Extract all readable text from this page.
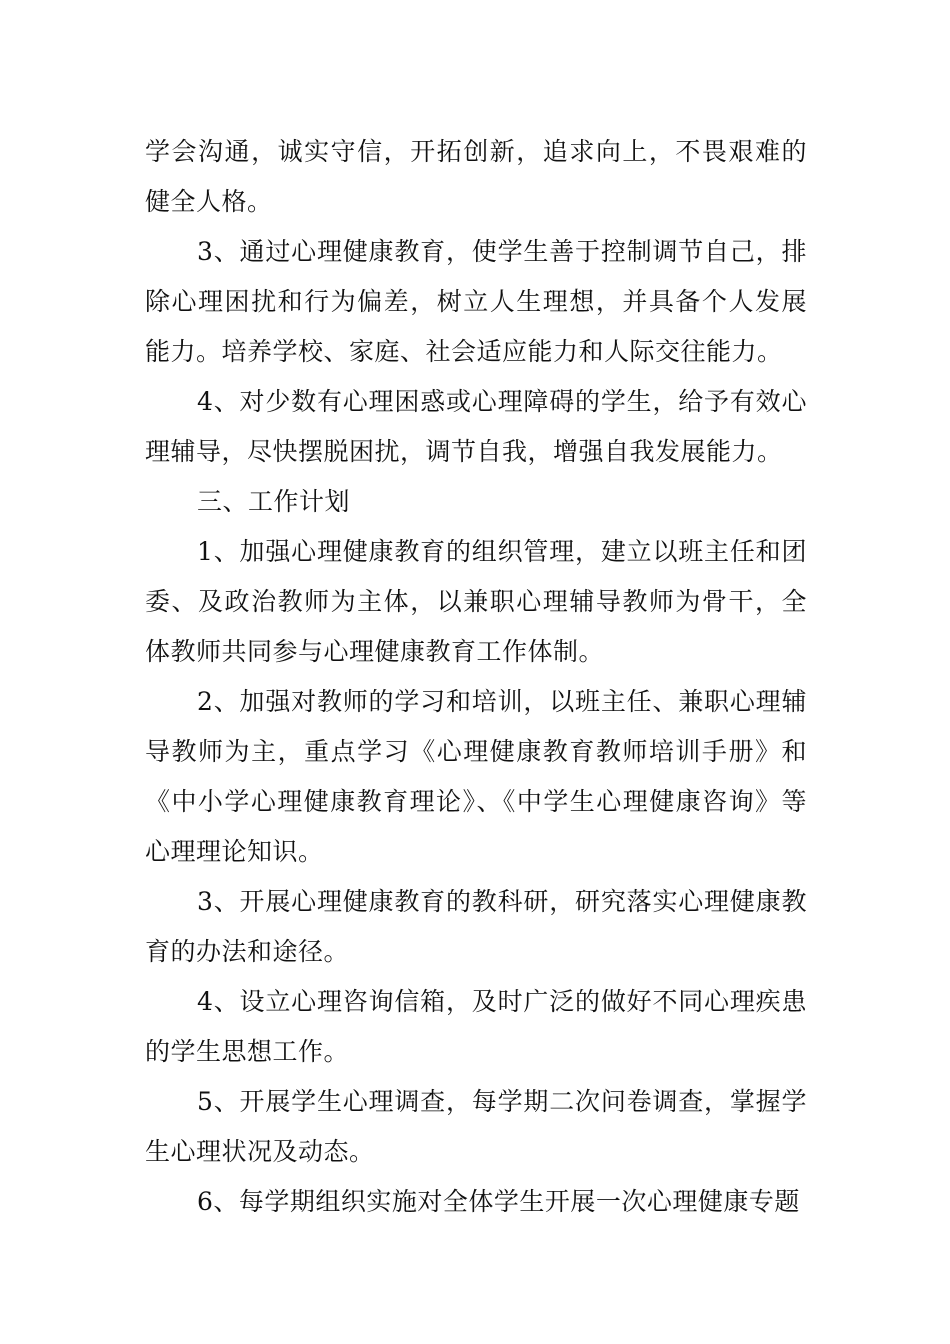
学会沟通，诚实守信，开拓创新，追求向上，不畏艰难的健全人格。

3、通过心理健康教育，使学生善于控制调节自己，排除心理困扰和行为偏差，树立人生理想，并具备个人发展能力。培养学校、家庭、社会适应能力和人际交往能力。

4、对少数有心理困惑或心理障碍的学生，给予有效心理辅导，尽快摆脱困扰，调节自我，增强自我发展能力。

三、工作计划

1、加强心理健康教育的组织管理，建立以班主任和团委、及政治教师为主体，以兼职心理辅导教师为骨干，全体教师共同参与心理健康教育工作体制。

2、加强对教师的学习和培训，以班主任、兼职心理辅导教师为主，重点学习《心理健康教育教师培训手册》和《中小学心理健康教育理论》、《中学生心理健康咨询》等心理理论知识。

3、开展心理健康教育的教科研，研究落实心理健康教育的办法和途径。

4、设立心理咨询信箱，及时广泛的做好不同心理疾患的学生思想工作。

5、开展学生心理调查，每学期二次问卷调查，掌握学生心理状况及动态。

6、每学期组织实施对全体学生开展一次心理健康专题
